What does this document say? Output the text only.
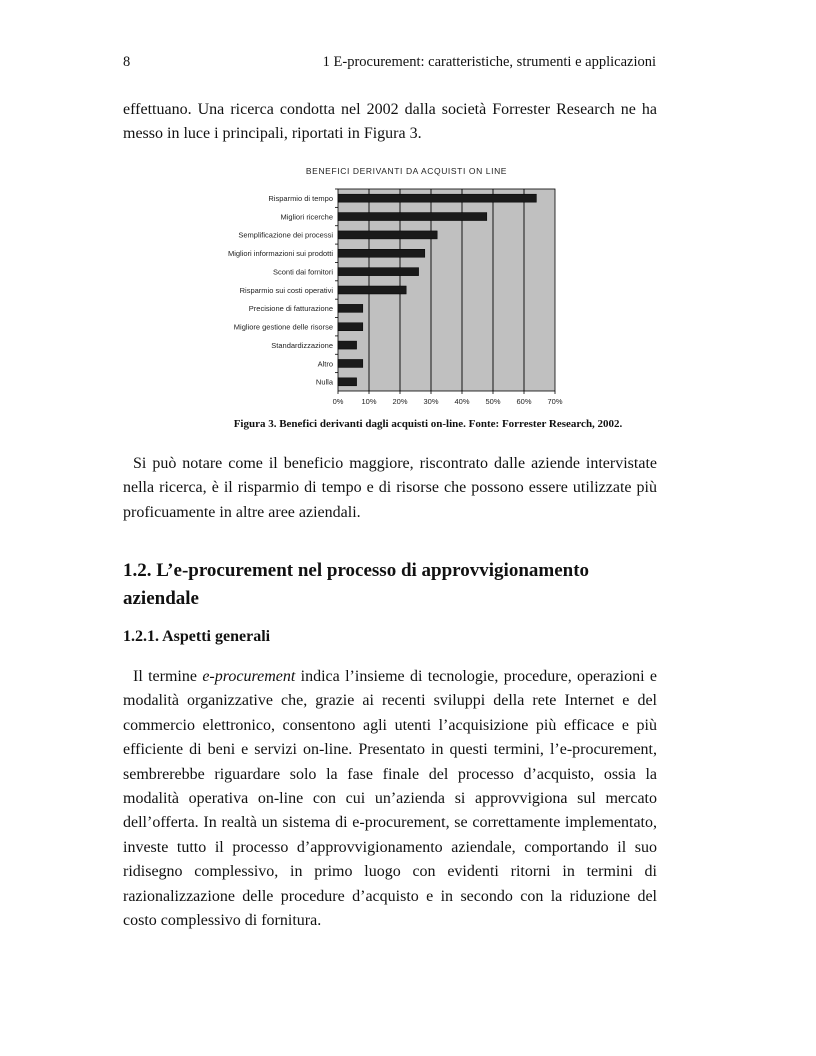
8	1 E-procurement: caratteristiche, strumenti e applicazioni

effettuano. Una ricerca condotta nel 2002 dalla società Forrester Research ne ha messo in luce i principali, riportati in Figura 3.

BENEFICI DERIVANTI DA ACQUISTI ON LINE
0% 10% 20% 30% 40% 50% 60% 70%
Risparmio di tempo
Migliori ricerche
Semplificazione dei processi
Migliori informazioni sui prodotti
Sconti dai fornitori
Risparmio sui costi operativi
Precisione di fatturazione
Migliore gestione delle risorse
Standardizzazione
Altro
Nulla
Figura 3. Benefici derivanti dagli acquisti on-line. Fonte: Forrester Research, 2002.

Si può notare come il beneficio maggiore, riscontrato dalle aziende intervistate nella ricerca, è il risparmio di tempo e di risorse che possono essere utilizzate più proficuamente in altre aree aziendali.

1.2. L’e-procurement nel processo di approvvigionamento aziendale
1.2.1. Aspetti generali

Il termine e-procurement indica l’insieme di tecnologie, procedure, operazioni e modalità organizzative che, grazie ai recenti sviluppi della rete Internet e del commercio elettronico, consentono agli utenti l’acquisizione più efficace e più efficiente di beni e servizi on-line. Presentato in questi termini, l’e-procurement, sembrerebbe riguardare solo la fase finale del processo d’acquisto, ossia la modalità operativa on-line con cui un’azienda si approvvigiona sul mercato dell’offerta. In realtà un sistema di e-procurement, se correttamente implementato, investe tutto il processo d’approvvigionamento aziendale, comportando il suo ridisegno complessivo, in primo luogo con evidenti ritorni in termini di razionalizzazione delle procedure d’acquisto e in secondo con la riduzione del costo complessivo di fornitura.
